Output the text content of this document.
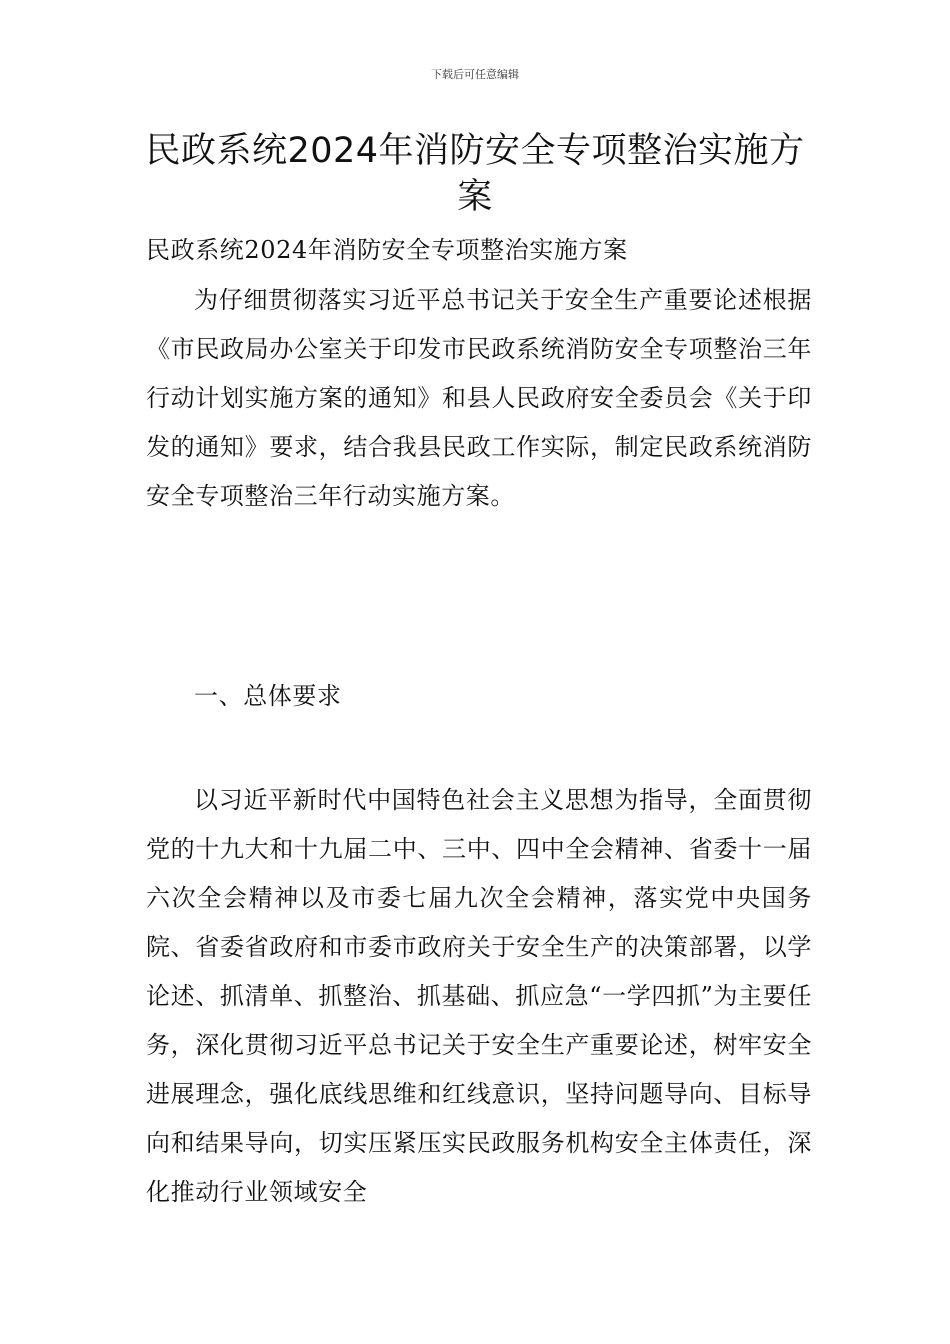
下载后可任意编辑
民政系统2024年消防安全专项整治实施方案

民政系统2024年消防安全专项整治实施方案

为仔细贯彻落实习近平总书记关于安全生产重要论述根据《市民政局办公室关于印发市民政系统消防安全专项整治三年行动计划实施方案的通知》和县人民政府安全委员会《关于印发的通知》要求，结合我县民政工作实际，制定民政系统消防安全专项整治三年行动实施方案。

一、总体要求

以习近平新时代中国特色社会主义思想为指导，全面贯彻党的十九大和十九届二中、三中、四中全会精神、省委十一届六次全会精神以及市委七届九次全会精神，落实党中央国务院、省委省政府和市委市政府关于安全生产的决策部署，以学论述、抓清单、抓整治、抓基础、抓应急“一学四抓”为主要任务，深化贯彻习近平总书记关于安全生产重要论述，树牢安全进展理念，强化底线思维和红线意识，坚持问题导向、目标导向和结果导向，切实压紧压实民政服务机构安全主体责任，深化推动行业领域安全
